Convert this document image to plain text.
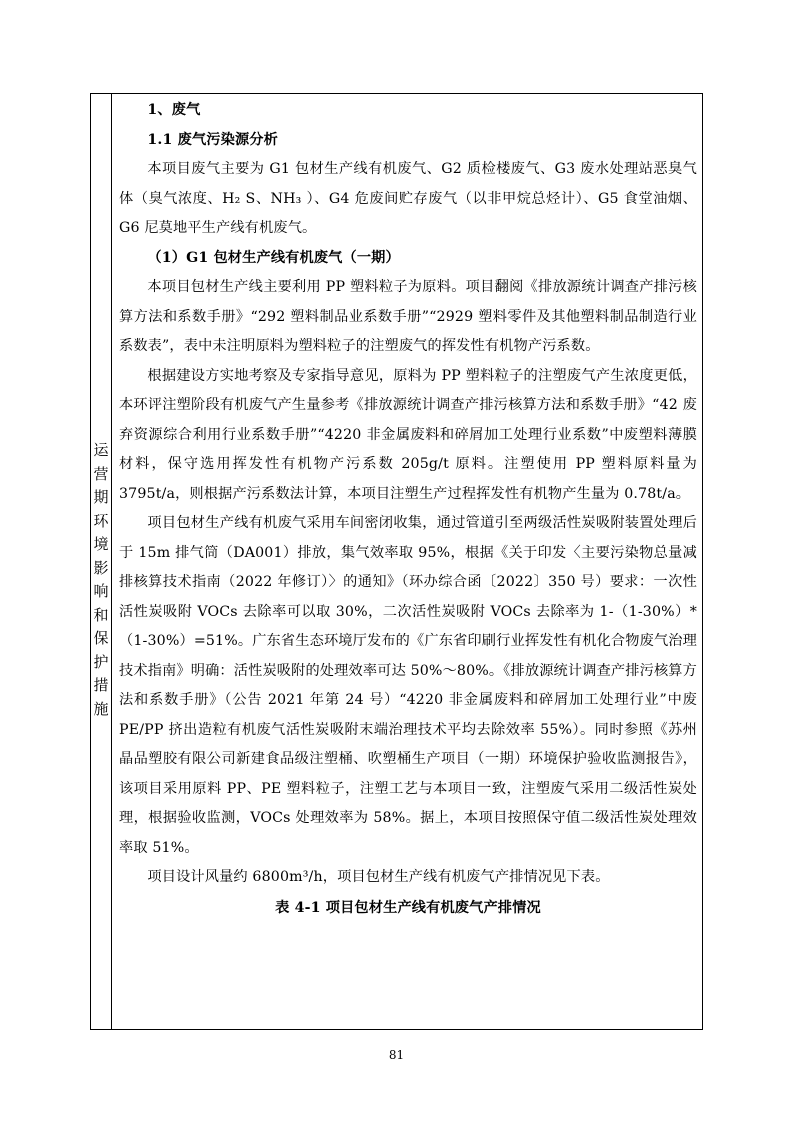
运营期环境影响和保护措施

1、废气

1.1 废气污染源分析

本项目废气主要为 G1 包材生产线有机废气、G2 质检楼废气、G3 废水处理站恶臭气体（臭气浓度、H₂ S、NH₃ ）、G4 危废间贮存废气（以非甲烷总烃计）、G5 食堂油烟、G6 尼莫地平生产线有机废气。

（1）G1 包材生产线有机废气（一期）

本项目包材生产线主要利用 PP 塑料粒子为原料。项目翻阅《排放源统计调查产排污核算方法和系数手册》“292 塑料制品业系数手册”“2929 塑料零件及其他塑料制品制造行业系数表”，表中未注明原料为塑料粒子的注塑废气的挥发性有机物产污系数。

根据建设方实地考察及专家指导意见，原料为 PP 塑料粒子的注塑废气产生浓度更低，本环评注塑阶段有机废气产生量参考《排放源统计调查产排污核算方法和系数手册》“42 废弃资源综合利用行业系数手册”“4220 非金属废料和碎屑加工处理行业系数”中废塑料薄膜材料，保守选用挥发性有机物产污系数 205g/t 原料。注塑使用 PP 塑料原料量为 3795t/a，则根据产污系数法计算，本项目注塑生产过程挥发性有机物产生量为 0.78t/a。

项目包材生产线有机废气采用车间密闭收集，通过管道引至两级活性炭吸附装置处理后于 15m 排气筒（DA001）排放，集气效率取 95%，根据《关于印发〈主要污染物总量减排核算技术指南（2022 年修订）〉的通知》（环办综合函〔2022〕350 号）要求：一次性活性炭吸附 VOCs 去除率可以取 30%，二次活性炭吸附 VOCs 去除率为 1-（1-30%）*（1-30%）=51%。广东省生态环境厅发布的《广东省印刷行业挥发性有机化合物废气治理技术指南》明确：活性炭吸附的处理效率可达 50%～80%。《排放源统计调查产排污核算方法和系数手册》（公告 2021 年第 24 号）“4220 非金属废料和碎屑加工处理行业”中废 PE/PP 挤出造粒有机废气活性炭吸附末端治理技术平均去除效率 55%）。同时参照《苏州晶品塑胶有限公司新建食品级注塑桶、吹塑桶生产项目（一期）环境保护验收监测报告》，该项目采用原料 PP、PE 塑料粒子，注塑工艺与本项目一致，注塑废气采用二级活性炭处理，根据验收监测，VOCs 处理效率为 58%。据上，本项目按照保守值二级活性炭处理效率取 51%。

项目设计风量约 6800m³/h，项目包材生产线有机废气产排情况见下表。

表 4-1 项目包材生产线有机废气产排情况

81
